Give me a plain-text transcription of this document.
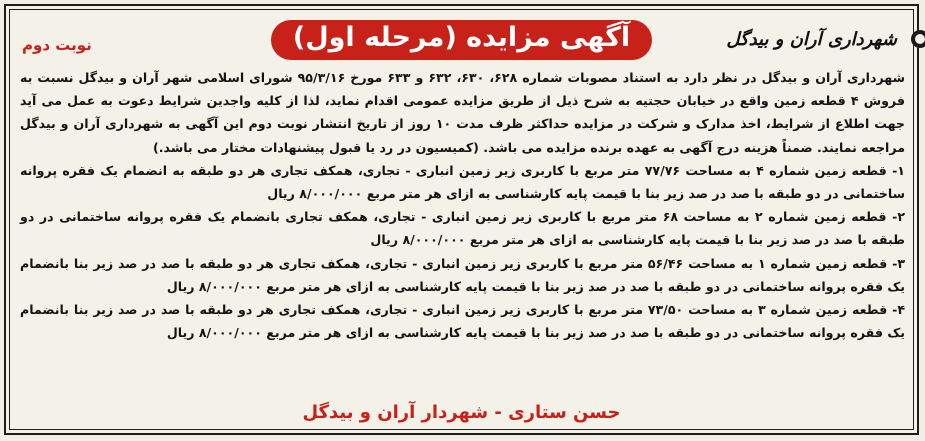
شهرداری آران و بیدگل
آگهی مزایده (مرحله اول)
نوبت دوم

شهرداری آران و بیدگل در نظر دارد به استناد مصوبات شماره ۶۲۸، ۶۳۰، ۶۳۲ و ۶۳۳ مورخ ۹۵/۳/۱۶ شورای اسلامی شهر آران و بیدگل نسبت به فروش ۴ قطعه زمین واقع در خیابان حجتیه به شرح ذیل از طریق مزایده عمومی اقدام نماید، لذا از کلیه واجدین شرایط دعوت به عمل می آید جهت اطلاع از شرایط، اخذ مدارک و شرکت در مزایده حداکثر ظرف مدت ۱۰ روز از تاریخ انتشار نوبت دوم این آگهی به شهرداری آران و بیدگل مراجعه نمایند. ضمناً هزینه درج آگهی به عهده برنده مزایده می باشد. (کمیسیون در رد یا قبول پیشنهادات مختار می باشد.)

۱- قطعه زمین شماره ۴ به مساحت ۷۷/۷۶ متر مربع با کاربری زیر زمین انباری - تجاری، همکف تجاری هر دو طبقه به انضمام یک فقره پروانه ساختمانی در دو طبقه با صد در صد زیر بنا با قیمت پایه کارشناسی به ازای هر متر مربع ۸/۰۰۰/۰۰۰ ریال

۲- قطعه زمین شماره ۲ به مساحت ۶۸ متر مربع با کاربری زیر زمین انباری - تجاری، همکف تجاری بانضمام یک فقره پروانه ساختمانی در دو طبقه با صد در صد زیر بنا با قیمت پایه کارشناسی به ازای هر متر مربع ۸/۰۰۰/۰۰۰ ریال

۳- قطعه زمین شماره ۱ به مساحت ۵۶/۴۶ متر مربع با کاربری زیر زمین انباری - تجاری، همکف تجاری هر دو طبقه با صد در صد زیر بنا بانضمام یک فقره پروانه ساختمانی در دو طبقه با صد در صد زیر بنا با قیمت پایه کارشناسی به ازای هر متر مربع ۸/۰۰۰/۰۰۰ ریال

۴- قطعه زمین شماره ۳ به مساحت ۷۳/۵۰ متر مربع با کاربری زیر زمین انباری - تجاری، همکف تجاری هر دو طبقه با صد در صد زیر بنا بانضمام یک فقره پروانه ساختمانی در دو طبقه با صد در صد زیر بنا با قیمت پایه کارشناسی به ازای هر متر مربع ۸/۰۰۰/۰۰۰ ریال

حسن ستاری - شهردار آران و بیدگل
